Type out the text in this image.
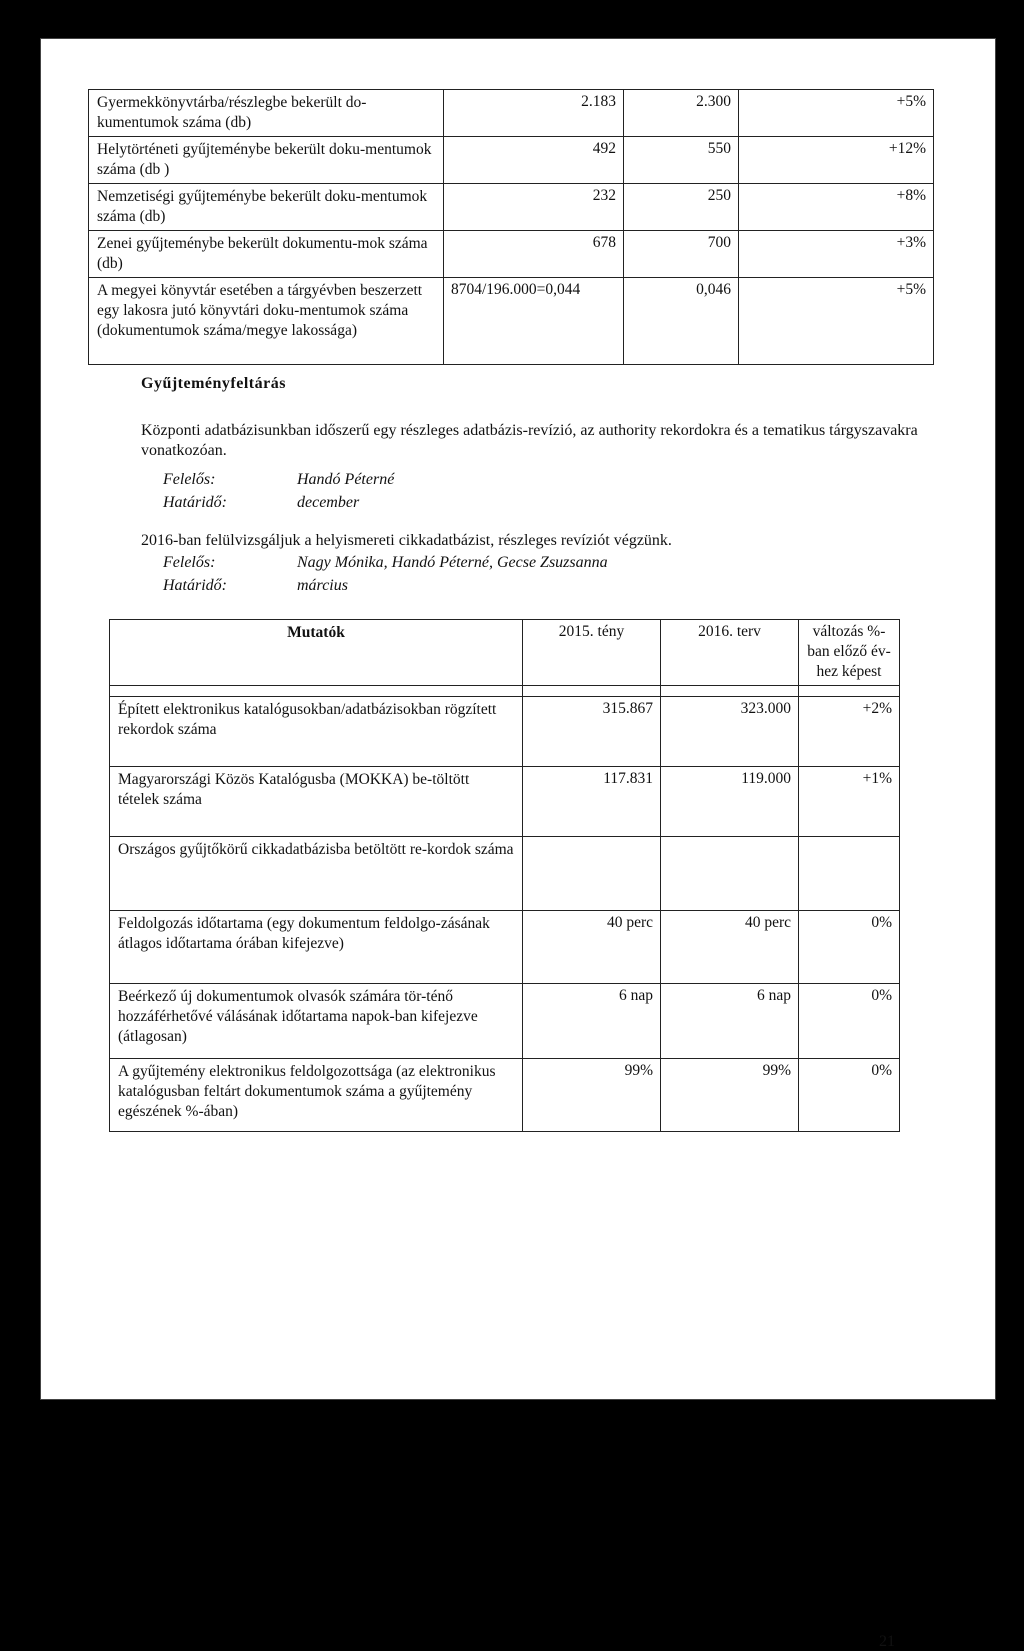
Gyermekkönyvtárba/részlegbe bekerült do-kumentumok száma (db)	2.183	2.300	+5%
Helytörténeti gyűjteménybe bekerült doku-mentumok száma (db )	492	550	+12%
Nemzetiségi gyűjteménybe bekerült doku-mentumok száma (db)	232	250	+8%
Zenei gyűjteménybe bekerült dokumentu-mok száma (db)	678	700	+3%
A megyei könyvtár esetében a tárgyévben beszerzett egy lakosra jutó könyvtári doku-mentumok száma (dokumentumok száma/megye lakossága)	8704/196.000=0,044	0,046	+5%
Gyűjteményfeltárás
Központi adatbázisunkban időszerű egy részleges adatbázis-revízió, az authority rekordokra és a tematikus tárgyszavakra vonatkozóan.
Felelős:	Handó Péterné
Határidő:	december
2016-ban felülvizsgáljuk a helyismereti cikkadatbázist, részleges revíziót végzünk.
Felelős:	Nagy Mónika, Handó Péterné, Gecse Zsuzsanna
Határidő:	március
Mutatók	2015. tény	2016. terv	változás %-ban előző év-hez képest

Épített elektronikus katalógusokban/adatbázisokban rögzített rekordok száma	315.867	323.000	+2%
Magyarországi Közös Katalógusba (MOKKA) be-töltött tételek száma	117.831	119.000	+1%
Országos gyűjtőkörű cikkadatbázisba betöltött re-kordok száma			
Feldolgozás időtartama (egy dokumentum feldolgo-zásának átlagos időtartama órában kifejezve)	40 perc	40 perc	0%
Beérkező új dokumentumok olvasók számára tör-ténő hozzáférhetővé válásának időtartama napok-ban kifejezve (átlagosan)	6 nap	6 nap	0%
A gyűjtemény elektronikus feldolgozottsága (az elektronikus katalógusban feltárt dokumentumok száma a gyűjtemény egészének %-ában)	99%	99%	0%
21
